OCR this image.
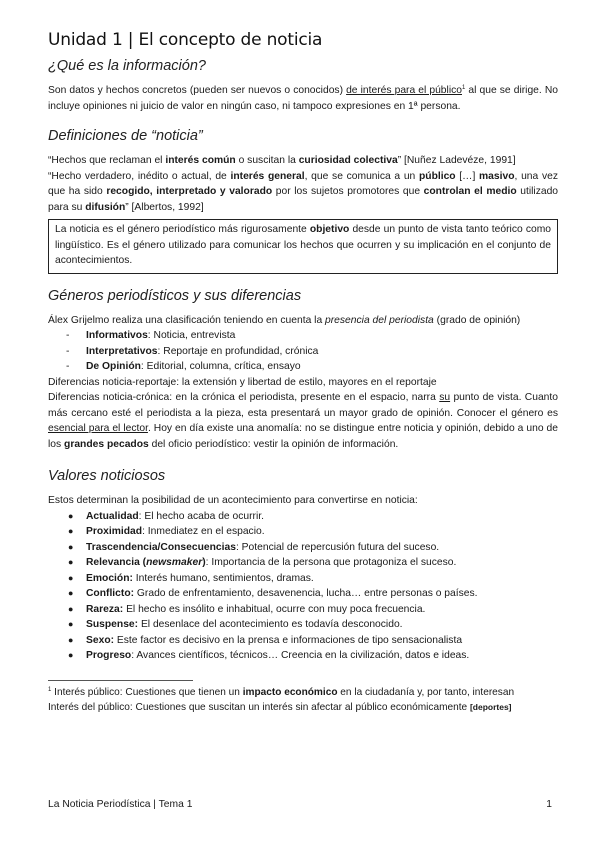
Unidad 1 | El concepto de noticia
¿Qué es la información?

Son datos y hechos concretos (pueden ser nuevos o conocidos) de interés para el público$^1$ al que se dirige. No incluye opiniones ni juicio de valor en ningún caso, ni tampoco expresiones en 1ª persona.

Definiciones de “noticia”

“Hechos que reclaman el interés común o suscitan la curiosidad colectiva” [Nuñez Ladevéze, 1991]

“Hecho verdadero, inédito o actual, de interés general, que se comunica a un público […] masivo, una vez que ha sido recogido, interpretado y valorado por los sujetos promotores que controlan el medio utilizado para su difusión” [Albertos, 1992]

La noticia es el género periodístico más rigurosamente objetivo desde un punto de vista tanto teórico como lingüístico. Es el género utilizado para comunicar los hechos que ocurren y su implicación en el conjunto de acontecimientos.

Géneros periodísticos y sus diferencias

Álex Grijelmo realiza una clasificación teniendo en cuenta la presencia del periodista (grado de opinión)

- Informativos: Noticia, entrevista
- Interpretativos: Reportaje en profundidad, crónica
- De Opinión: Editorial, columna, crítica, ensayo

Diferencias noticia-reportaje: la extensión y libertad de estilo, mayores en el reportaje

Diferencias noticia-crónica: en la crónica el periodista, presente en el espacio, narra su punto de vista. Cuanto más cercano esté el periodista a la pieza, esta presentará un mayor grado de opinión. Conocer el género es esencial para el lector. Hoy en día existe una anomalía: no se distingue entre noticia y opinión, debido a uno de los grandes pecados del oficio periodístico: vestir la opinión de información.

Valores noticiosos

Estos determinan la posibilidad de un acontecimiento para convertirse en noticia:

● Actualidad: El hecho acaba de ocurrir.
● Proximidad: Inmediatez en el espacio.
● Trascendencia/Consecuencias: Potencial de repercusión futura del suceso.
● Relevancia (newsmaker): Importancia de la persona que protagoniza el suceso.
● Emoción: Interés humano, sentimientos, dramas.
● Conflicto: Grado de enfrentamiento, desavenencia, lucha… entre personas o países.
● Rareza: El hecho es insólito e inhabitual, ocurre con muy poca frecuencia.
● Suspense: El desenlace del acontecimiento es todavía desconocido.
● Sexo: Este factor es decisivo en la prensa e informaciones de tipo sensacionalista
● Progreso: Avances científicos, técnicos… Creencia en la civilización, datos e ideas.

$^1$ Interés público: Cuestiones que tienen un impacto económico en la ciudadanía y, por tanto, interesan

Interés del público: Cuestiones que suscitan un interés sin afectar al público económicamente [deportes]

La Noticia Periodística | Tema 1	1
